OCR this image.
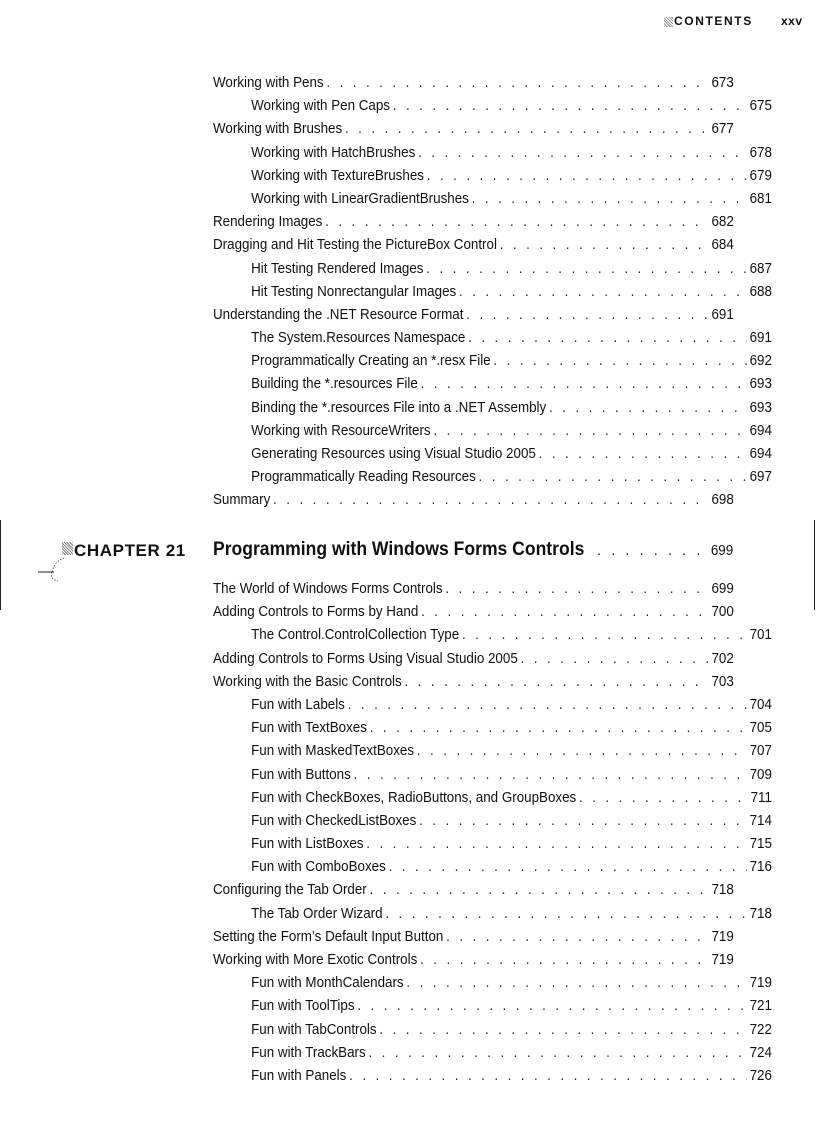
CONTENTS xxv
Working with Pens . . .	673
Working with Pen Caps . . .	675
Working with Brushes . . .	677
Working with HatchBrushes . . .	678
Working with TextureBrushes . . .	679
Working with LinearGradientBrushes . . .	681
Rendering Images . . .	682
Dragging and Hit Testing the PictureBox Control . . .	684
Hit Testing Rendered Images . . .	687
Hit Testing Nonrectangular Images . . .	688
Understanding the .NET Resource Format . . .	691
The System.Resources Namespace . . .	691
Programmatically Creating an *.resx File . . .	692
Building the *.resources File . . .	693
Binding the *.resources File into a .NET Assembly . . .	693
Working with ResourceWriters . . .	694
Generating Resources using Visual Studio 2005 . . .	694
Programmatically Reading Resources . . .	697
Summary . . .	698
CHAPTER 21 Programming with Windows Forms Controls . . .	699
The World of Windows Forms Controls . . .	699
Adding Controls to Forms by Hand . . .	700
The Control.ControlCollection Type . . .	701
Adding Controls to Forms Using Visual Studio 2005 . . .	702
Working with the Basic Controls . . .	703
Fun with Labels . . .	704
Fun with TextBoxes . . .	705
Fun with MaskedTextBoxes . . .	707
Fun with Buttons . . .	709
Fun with CheckBoxes, RadioButtons, and GroupBoxes . . .	711
Fun with CheckedListBoxes . . .	714
Fun with ListBoxes . . .	715
Fun with ComboBoxes . . .	716
Configuring the Tab Order . . .	718
The Tab Order Wizard . . .	718
Setting the Form’s Default Input Button . . .	719
Working with More Exotic Controls . . .	719
Fun with MonthCalendars . . .	719
Fun with ToolTips . . .	721
Fun with TabControls . . .	722
Fun with TrackBars . . .	724
Fun with Panels . . .	726
